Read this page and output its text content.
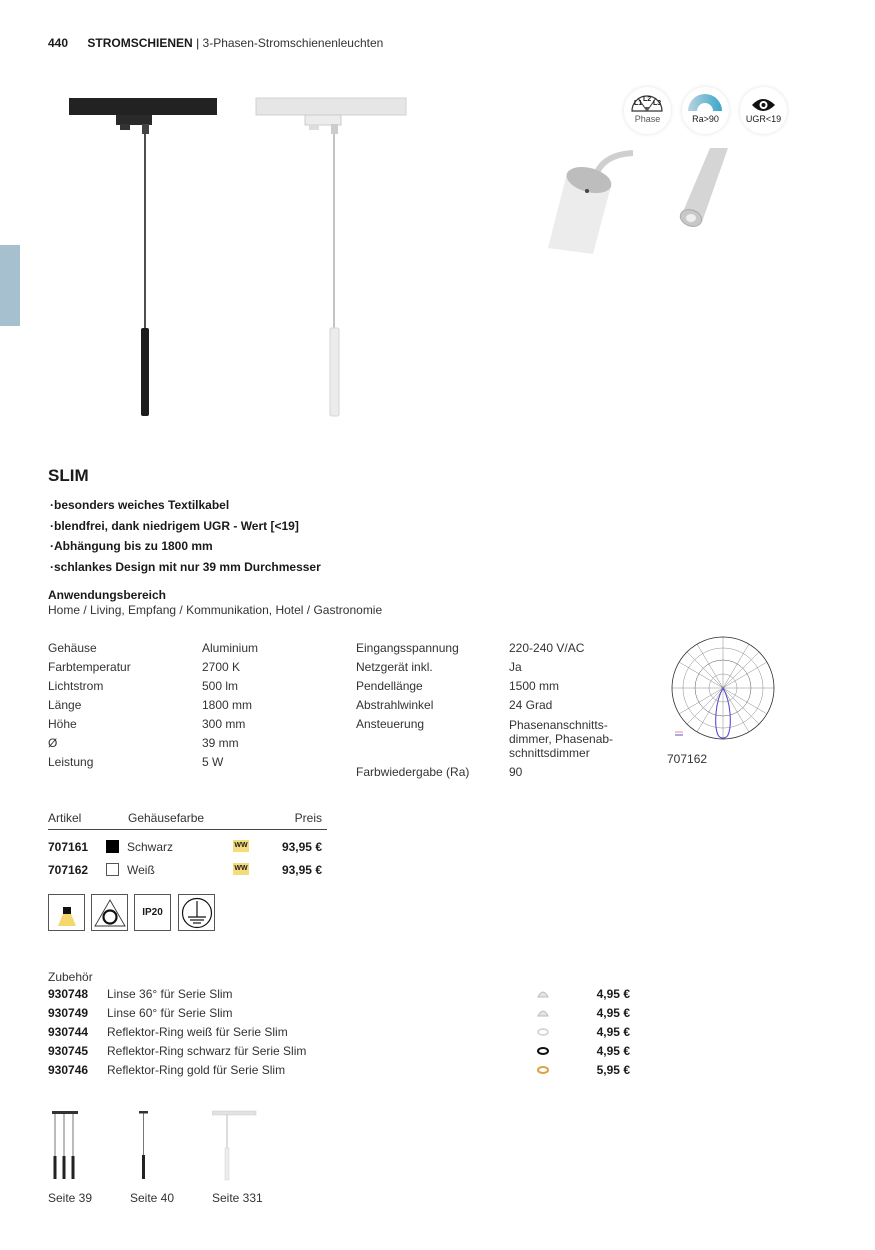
440 STROMSCHIENEN | 3-Phasen-Stromschienenleuchten
L1
L2
L3
Phase	Ra>90	UGR<19
SLIM
·besonders weiches Textilkabel
·blendfrei, dank niedrigem UGR - Wert [<19]
·Abhängung bis zu 1800 mm
·schlankes Design mit nur 39 mm Durchmesser
Anwendungsbereich
Home / Living, Empfang / Kommunikation, Hotel / Gastronomie
Gehäuse	Aluminium
Farbtemperatur	2700 K
Lichtstrom	500 lm
Länge	1800 mm
Höhe	300 mm
Ø	39 mm
Leistung	5 W
Eingangsspannung	220-240 V/AC
Netzgerät inkl.	Ja
Pendellänge	1500 mm
Abstrahlwinkel	24 Grad
Ansteuerung	Phasenanschnitts-
dimmer, Phasenab-
schnittsdimmer
Farbwiedergabe (Ra)	90
707162
Artikel	Gehäusefarbe	Preis
707161	Schwarz	WW	93,95 €
707162	Weiß	WW	93,95 €
IP20
Zubehör
930748 Linse 36° für Serie Slim	4,95 €
930749 Linse 60° für Serie Slim	4,95 €
930744 Reflektor-Ring weiß für Serie Slim	4,95 €
930745 Reflektor-Ring schwarz für Serie Slim	4,95 €
930746 Reflektor-Ring gold für Serie Slim	5,95 €
Seite 39	Seite 40	Seite 331
